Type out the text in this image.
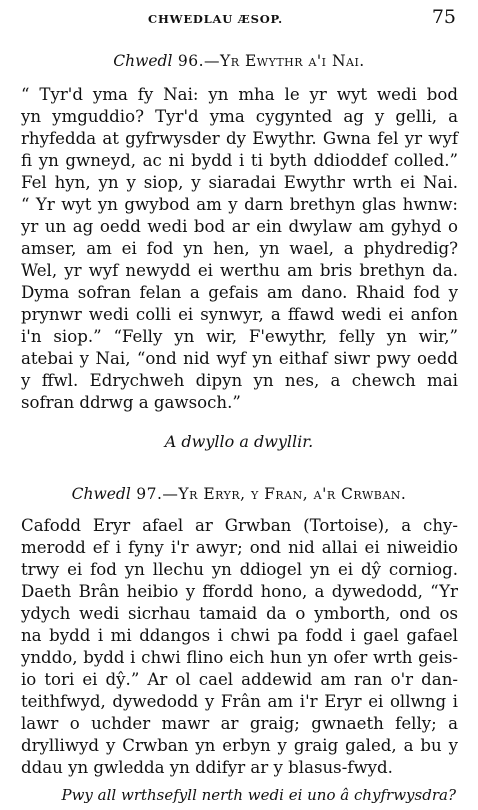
CHWEDLAU ÆSOP.	75
Chwedl 96.—Yr Ewythr a'i Nai.
“ Tyr'd yma fy Nai: yn mha le yr wyt wedi bod
yn ymguddio? Tyr'd yma cygynted ag y gelli, a
rhyfedda at gyfrwysder dy Ewythr. Gwna fel yr wyf
fi yn gwneyd, ac ni bydd i ti byth ddioddef colled.”
Fel hyn, yn y siop, y siaradai Ewythr wrth ei Nai.
“ Yr wyt yn gwybod am y darn brethyn glas hwnw:
yr un ag oedd wedi bod ar ein dwylaw am gyhyd o
amser, am ei fod yn hen, yn wael, a phydredig?
Wel, yr wyf newydd ei werthu am bris brethyn da.
Dyma sofran felan a gefais am dano. Rhaid fod y
prynwr wedi colli ei synwyr, a ffawd wedi ei anfon
i'n siop.” “Felly yn wir, F'ewythr, felly yn wir,”
atebai y Nai, “ond nid wyf yn eithaf siwr pwy oedd
y ffwl. Edrychweh dipyn yn nes, a chewch mai
sofran ddrwg a gawsoch.”
A dwyllo a dwyllir.
Chwedl 97.—Yr Eryr, y Fran, a'r Crwban.
Cafodd Eryr afael ar Grwban (Tortoise), a chy-
merodd ef i fyny i'r awyr; ond nid allai ei niweidio
trwy ei fod yn llechu yn ddiogel yn ei dŷ corniog.
Daeth Brân heibio y ffordd hono, a dywedodd, “Yr
ydych wedi sicrhau tamaid da o ymborth, ond os
na bydd i mi ddangos i chwi pa fodd i gael gafael
ynddo, bydd i chwi flino eich hun yn ofer wrth geis-
io tori ei dŷ.” Ar ol cael addewid am ran o'r dan-
teithfwyd, dywedodd y Frân am i'r Eryr ei ollwng i
lawr o uchder mawr ar graig; gwnaeth felly; a
drylliwyd y Crwban yn erbyn y graig galed, a bu y
ddau yn gwledda yn ddifyr ar y blasus-fwyd.
Pwy all wrthsefyll nerth wedi ei uno â chyfrwysdra?
